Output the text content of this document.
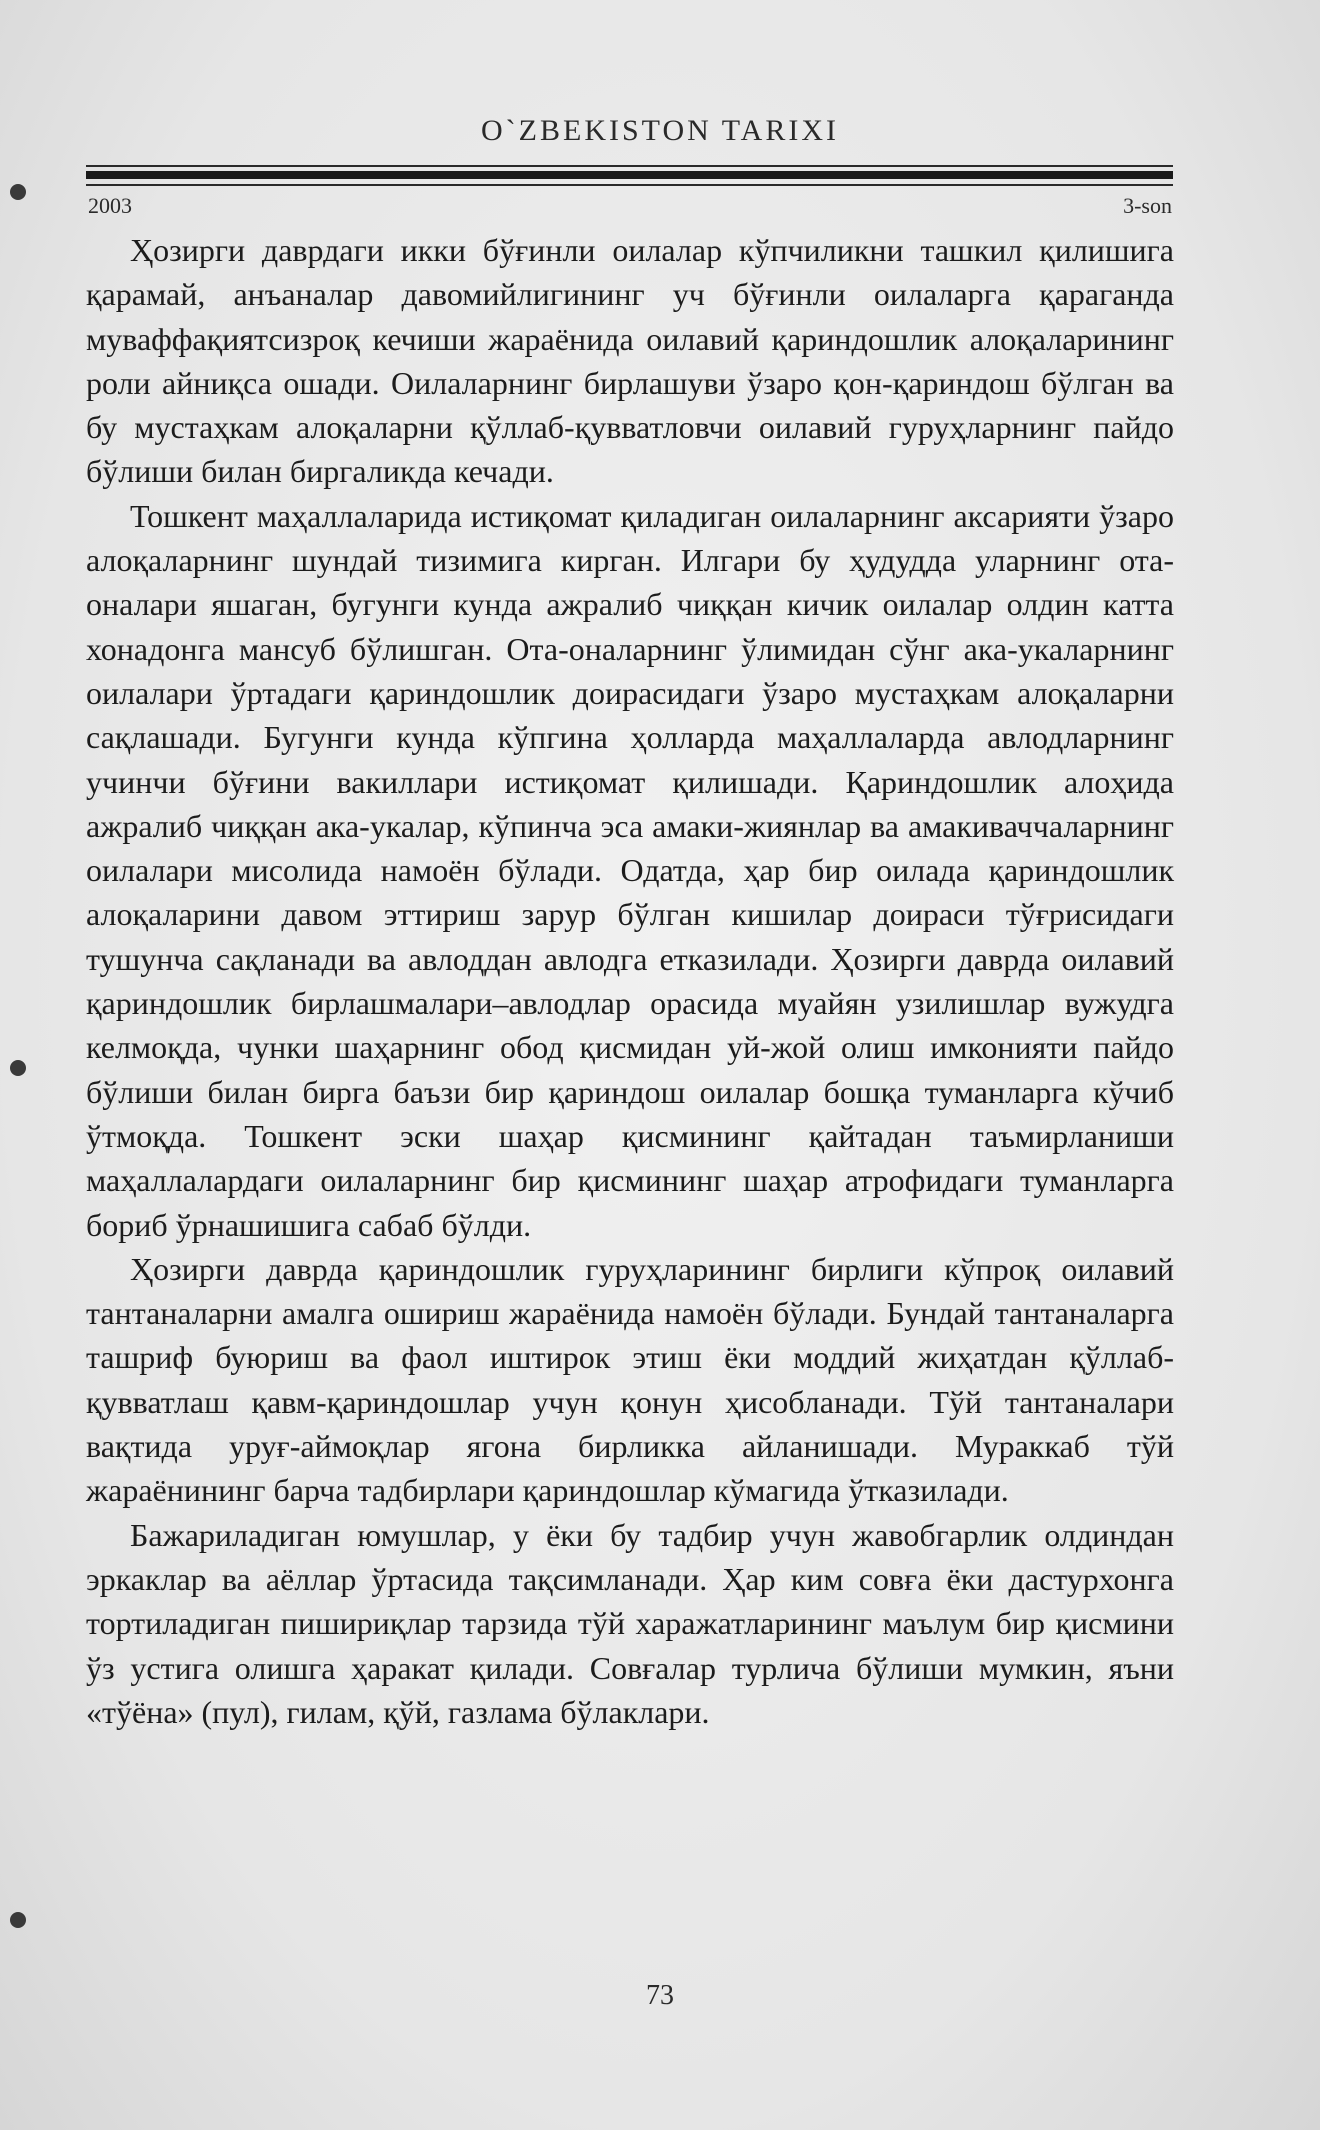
O`ZBEKISTON TARIXI
2003	3-son

Ҳозирги даврдаги икки бўғинли оилалар кўпчиликни ташкил қилишига қарамай, анъаналар давомийлигининг уч бўғинли оилаларга қараганда муваффақиятсизроқ кечиши жараёнида оилавий қариндошлик алоқаларининг роли айниқса ошади. Оилаларнинг бирлашуви ўзаро қон-қариндош бўлган ва бу мустаҳкам алоқаларни қўллаб-қувватловчи оилавий гуруҳларнинг пайдо бўлиши билан биргаликда кечади.

Тошкент маҳаллаларида истиқомат қиладиган оилаларнинг аксарияти ўзаро алоқаларнинг шундай тизимига кирган. Илгари бу ҳудудда уларнинг ота-оналари яшаган, бугунги кунда ажралиб чиққан кичик оилалар олдин катта хонадонга мансуб бўлишган. Ота-оналарнинг ўлимидан сўнг ака-укаларнинг оилалари ўртадаги қариндошлик доирасидаги ўзаро мустаҳкам алоқаларни сақлашади. Бугунги кунда кўпгина ҳолларда маҳаллаларда авлодларнинг учинчи бўғини вакиллари истиқомат қилишади. Қариндошлик алоҳида ажралиб чиққан ака-укалар, кўпинча эса амаки-жиянлар ва амакиваччаларнинг оилалари мисолида намоён бўлади. Одатда, ҳар бир оилада қариндошлик алоқаларини давом эттириш зарур бўлган кишилар доираси тўғрисидаги тушунча сақланади ва авлоддан авлодга етказилади. Ҳозирги даврда оилавий қариндошлик бирлашмалари–авлодлар орасида муайян узилишлар вужудга келмоқда, чунки шаҳарнинг обод қисмидан уй-жой олиш имконияти пайдо бўлиши билан бирга баъзи бир қариндош оилалар бошқа туманларга кўчиб ўтмоқда. Тошкент эски шаҳар қисмининг қайтадан таъмирланиши маҳаллалардаги оилаларнинг бир қисмининг шаҳар атрофидаги туманларга бориб ўрнашишига сабаб бўлди.

Ҳозирги даврда қариндошлик гуруҳларининг бирлиги кўпроқ оилавий тантаналарни амалга ошириш жараёнида намоён бўлади. Бундай тантаналарга ташриф буюриш ва фаол иштирок этиш ёки моддий жиҳатдан қўллаб-қувватлаш қавм-қариндошлар учун қонун ҳисобланади. Тўй тантаналари вақтида уруғ-аймоқлар ягона бирликка айланишади. Мураккаб тўй жараёнининг барча тадбирлари қариндошлар кўмагида ўтказилади.

Бажариладиган юмушлар, у ёки бу тадбир учун жавобгарлик олдиндан эркаклар ва аёллар ўртасида тақсимланади. Ҳар ким совға ёки дастурхонга тортиладиган пишириқлар тарзида тўй харажатларининг маълум бир қисмини ўз устига олишга ҳаракат қилади. Совғалар турлича бўлиши мумкин, яъни «тўёна» (пул), гилам, қўй, газлама бўлаклари.

73
